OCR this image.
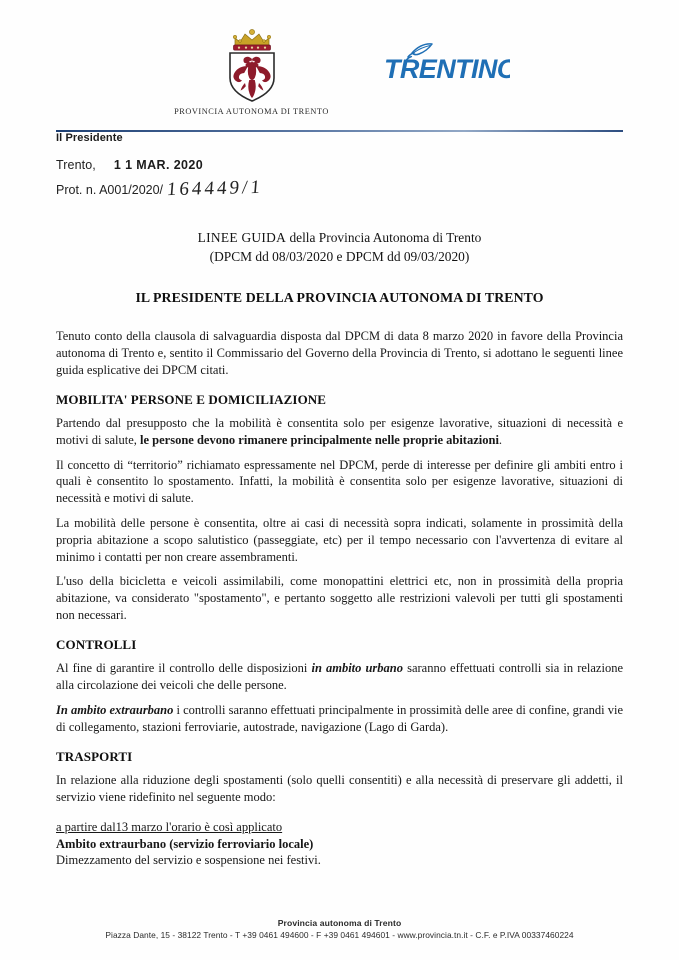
PROVINCIA AUTONOMA DI TRENTO
TRENTINO
Il Presidente
Trento, 1 1 MAR. 2020
Prot. n. A001/2020/ 164449/1
LINEE GUIDA della Provincia Autonoma di Trento
(DPCM dd 08/03/2020 e DPCM dd 09/03/2020)
IL PRESIDENTE DELLA PROVINCIA AUTONOMA DI TRENTO

Tenuto conto della clausola di salvaguardia disposta dal DPCM di data 8 marzo 2020 in favore della Provincia autonoma di Trento e, sentito il Commissario del Governo della Provincia di Trento, si adottano le seguenti linee guida esplicative dei DPCM citati.

MOBILITA' PERSONE E DOMICILIAZIONE

Partendo dal presupposto che la mobilità è consentita solo per esigenze lavorative, situazioni di necessità e motivi di salute, le persone devono rimanere principalmente nelle proprie abitazioni.

Il concetto di “territorio” richiamato espressamente nel DPCM, perde di interesse per definire gli ambiti entro i quali è consentito lo spostamento. Infatti, la mobilità è consentita solo per esigenze lavorative, situazioni di necessità e motivi di salute.

La mobilità delle persone è consentita, oltre ai casi di necessità sopra indicati, solamente in prossimità della propria abitazione a scopo salutistico (passeggiate, etc) per il tempo necessario con l'avvertenza di evitare al minimo i contatti per non creare assembramenti.

L'uso della bicicletta e veicoli assimilabili, come monopattini elettrici etc, non in prossimità della propria abitazione, va considerato "spostamento", e pertanto soggetto alle restrizioni valevoli per tutti gli spostamenti non necessari.

CONTROLLI

Al fine di garantire il controllo delle disposizioni in ambito urbano saranno effettuati controlli sia in relazione alla circolazione dei veicoli che delle persone.

In ambito extraurbano i controlli saranno effettuati principalmente in prossimità delle aree di confine, grandi vie di collegamento, stazioni ferroviarie, autostrade, navigazione (Lago di Garda).

TRASPORTI

In relazione alla riduzione degli spostamenti (solo quelli consentiti) e alla necessità di preservare gli addetti, il servizio viene ridefinito nel seguente modo:

a partire dal13 marzo l'orario è così applicato

Ambito extraurbano (servizio ferroviario locale)

Dimezzamento del servizio e sospensione nei festivi.

Provincia autonoma di Trento
Piazza Dante, 15 - 38122 Trento - T +39 0461 494600 - F +39 0461 494601 - www.provincia.tn.it - C.F. e P.IVA 00337460224
